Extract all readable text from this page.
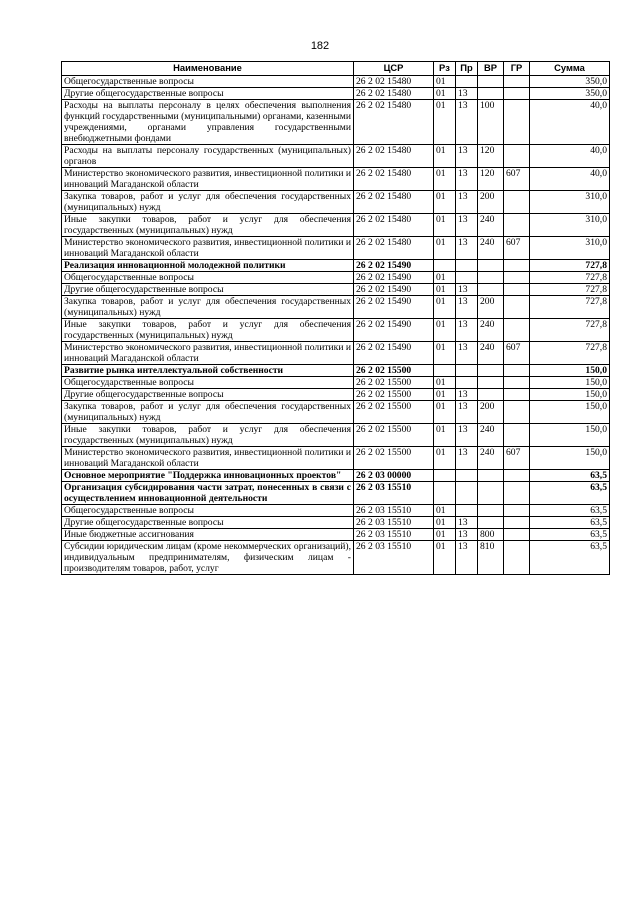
182
Наименование	ЦСР	Рз	Пр	ВР	ГР	Сумма
Общегосударственные вопросы	26 2 02 15480	01				350,0
Другие общегосударственные вопросы	26 2 02 15480	01	13			350,0
Расходы на выплаты персоналу в целях обеспечения выполнения функций государственными (муниципальными) органами, казенными учреждениями, органами управления государственными внебюджетными фондами	26 2 02 15480	01	13	100		40,0
Расходы на выплаты персоналу государственных (муниципальных) органов	26 2 02 15480	01	13	120		40,0
Министерство экономического развития, инвестиционной политики и инноваций Магаданской области	26 2 02 15480	01	13	120	607	40,0
Закупка товаров, работ и услуг для обеспечения государственных (муниципальных) нужд	26 2 02 15480	01	13	200		310,0
Иные закупки товаров, работ и услуг для обеспечения государственных (муниципальных) нужд	26 2 02 15480	01	13	240		310,0
Министерство экономического развития, инвестиционной политики и инноваций Магаданской области	26 2 02 15480	01	13	240	607	310,0
Реализация инновационной молодежной политики	26 2 02 15490					727,8
Общегосударственные вопросы	26 2 02 15490	01				727,8
Другие общегосударственные вопросы	26 2 02 15490	01	13			727,8
Закупка товаров, работ и услуг для обеспечения государственных (муниципальных) нужд	26 2 02 15490	01	13	200		727,8
Иные закупки товаров, работ и услуг для обеспечения государственных (муниципальных) нужд	26 2 02 15490	01	13	240		727,8
Министерство экономического развития, инвестиционной политики и инноваций Магаданской области	26 2 02 15490	01	13	240	607	727,8
Развитие рынка интеллектуальной собственности	26 2 02 15500					150,0
Общегосударственные вопросы	26 2 02 15500	01				150,0
Другие общегосударственные вопросы	26 2 02 15500	01	13			150,0
Закупка товаров, работ и услуг для обеспечения государственных (муниципальных) нужд	26 2 02 15500	01	13	200		150,0
Иные закупки товаров, работ и услуг для обеспечения государственных (муниципальных) нужд	26 2 02 15500	01	13	240		150,0
Министерство экономического развития, инвестиционной политики и инноваций Магаданской области	26 2 02 15500	01	13	240	607	150,0
Основное мероприятие "Поддержка инновационных проектов"	26 2 03 00000					63,5
Организация субсидирования части затрат, понесенных в связи с осуществлением инновационной деятельности	26 2 03 15510					63,5
Общегосударственные вопросы	26 2 03 15510	01				63,5
Другие общегосударственные вопросы	26 2 03 15510	01	13			63,5
Иные бюджетные ассигнования	26 2 03 15510	01	13	800		63,5
Субсидии юридическим лицам (кроме некоммерческих организаций), индивидуальным предпринимателям, физическим лицам - производителям товаров, работ, услуг	26 2 03 15510	01	13	810		63,5
